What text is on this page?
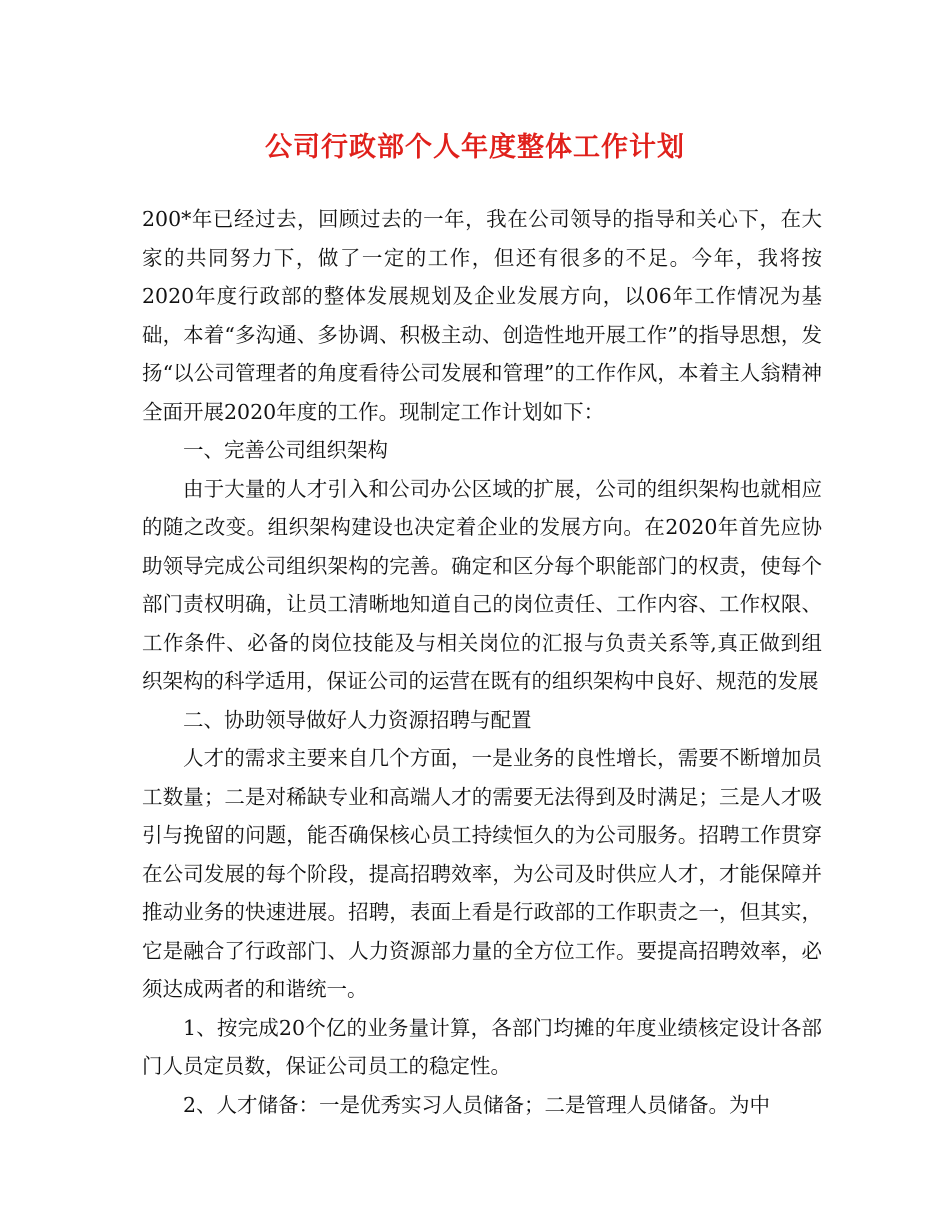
公司行政部个人年度整体工作计划

200*年已经过去，回顾过去的一年，我在公司领导的指导和关心下，在大家的共同努力下，做了一定的工作，但还有很多的不足。今年，我将按2020年度行政部的整体发展规划及企业发展方向，以06年工作情况为基础，本着“多沟通、多协调、积极主动、创造性地开展工作”的指导思想，发扬“以公司管理者的角度看待公司发展和管理”的工作作风，本着主人翁精神全面开展2020年度的工作。现制定工作计划如下：

一、完善公司组织架构

由于大量的人才引入和公司办公区域的扩展，公司的组织架构也就相应的随之改变。组织架构建设也决定着企业的发展方向。在2020年首先应协助领导完成公司组织架构的完善。确定和区分每个职能部门的权责，使每个部门责权明确，让员工清晰地知道自己的岗位责任、工作内容、工作权限、工作条件、必备的岗位技能及与相关岗位的汇报与负责关系等,真正做到组织架构的科学适用，保证公司的运营在既有的组织架构中良好、规范的发展

二、协助领导做好人力资源招聘与配置

人才的需求主要来自几个方面，一是业务的良性增长，需要不断增加员工数量；二是对稀缺专业和高端人才的需要无法得到及时满足；三是人才吸引与挽留的问题，能否确保核心员工持续恒久的为公司服务。招聘工作贯穿在公司发展的每个阶段，提高招聘效率，为公司及时供应人才，才能保障并推动业务的快速进展。招聘，表面上看是行政部的工作职责之一，但其实，它是融合了行政部门、人力资源部力量的全方位工作。要提高招聘效率，必须达成两者的和谐统一。

1、按完成20个亿的业务量计算，各部门均摊的年度业绩核定设计各部门人员定员数，保证公司员工的稳定性。

2、人才储备：一是优秀实习人员储备；二是管理人员储备。为中
